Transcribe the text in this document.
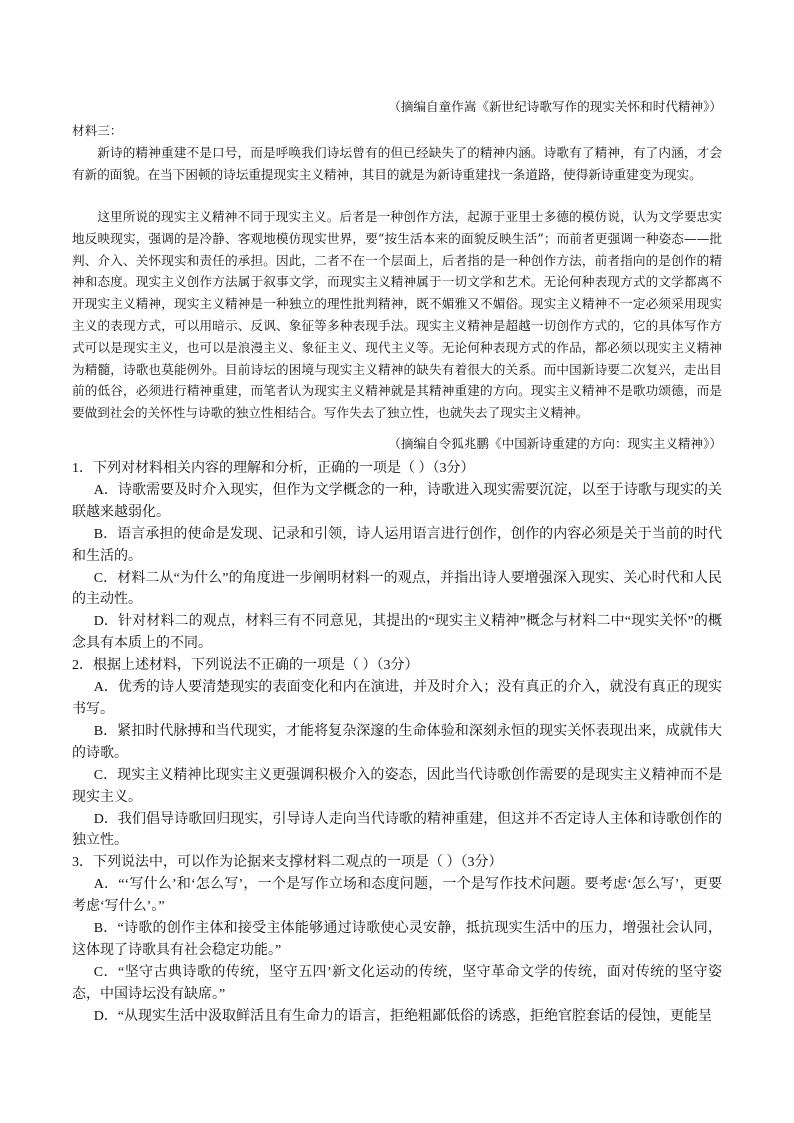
（摘编自童作嵩《新世纪诗歌写作的现实关怀和时代精神》）
材料三：

新诗的精神重建不是口号，而是呼唤我们诗坛曾有的但已经缺失了的精神内涵。诗歌有了精神，有了内涵，才会有新的面貌。在当下困顿的诗坛重提现实主义精神，其目的就是为新诗重建找一条道路，使得新诗重建变为现实。

这里所说的现实主义精神不同于现实主义。后者是一种创作方法，起源于亚里士多德的模仿说，认为文学要忠实地反映现实，强调的是冷静、客观地模仿现实世界，要“按生活本来的面貌反映生活”；而前者更强调一种姿态——批判、介入、关怀现实和责任的承担。因此，二者不在一个层面上，后者指的是一种创作方法，前者指向的是创作的精神和态度。现实主义创作方法属于叙事文学，而现实主义精神属于一切文学和艺术。无论何种表现方式的文学都离不开现实主义精神，现实主义精神是一种独立的理性批判精神，既不媚雅又不媚俗。现实主义精神不一定必须采用现实主义的表现方式，可以用暗示、反讽、象征等多种表现手法。现实主义精神是超越一切创作方式的，它的具体写作方式可以是现实主义，也可以是浪漫主义、象征主义、现代主义等。无论何种表现方式的作品，都必须以现实主义精神为精髓，诗歌也莫能例外。目前诗坛的困境与现实主义精神的缺失有着很大的关系。而中国新诗要二次复兴，走出目前的低谷，必须进行精神重建，而笔者认为现实主义精神就是其精神重建的方向。现实主义精神不是歌功颂德，而是要做到社会的关怀性与诗歌的独立性相结合。写作失去了独立性，也就失去了现实主义精神。

（摘编自令狐兆鹏《中国新诗重建的方向：现实主义精神》）

1．下列对材料相关内容的理解和分析，正确的一项是（ ）（3分）

A．诗歌需要及时介入现实，但作为文学概念的一种，诗歌进入现实需要沉淀，以至于诗歌与现实的关联越来越弱化。

B．语言承担的使命是发现、记录和引领，诗人运用语言进行创作，创作的内容必须是关于当前的时代和生活的。

C．材料二从“为什么”的角度进一步阐明材料一的观点，并指出诗人要增强深入现实、关心时代和人民的主动性。

D．针对材料二的观点，材料三有不同意见，其提出的“现实主义精神”概念与材料二中“现实关怀”的概念具有本质上的不同。

2．根据上述材料，下列说法不正确的一项是（ ）（3分）

A．优秀的诗人要清楚现实的表面变化和内在演进，并及时介入；没有真正的介入，就没有真正的现实书写。

B．紧扣时代脉搏和当代现实，才能将复杂深邃的生命体验和深刻永恒的现实关怀表现出来，成就伟大的诗歌。

C．现实主义精神比现实主义更强调积极介入的姿态，因此当代诗歌创作需要的是现实主义精神而不是现实主义。

D．我们倡导诗歌回归现实，引导诗人走向当代诗歌的精神重建，但这并不否定诗人主体和诗歌创作的独立性。

3．下列说法中，可以作为论据来支撑材料二观点的一项是（ ）（3分）

A．“‘写什么’和‘怎么写’，一个是写作立场和态度问题，一个是写作技术问题。要考虑‘怎么写’，更要考虑‘写什么’。”

B．“诗歌的创作主体和接受主体能够通过诗歌使心灵安静，抵抗现实生活中的压力，增强社会认同，这体现了诗歌具有社会稳定功能。”

C．“坚守古典诗歌的传统，坚守五四’新文化运动的传统，坚守革命文学的传统，面对传统的坚守姿态，中国诗坛没有缺席。”

D．“从现实生活中汲取鲜活且有生命力的语言，拒绝粗鄙低俗的诱惑，拒绝官腔套话的侵蚀，更能呈
